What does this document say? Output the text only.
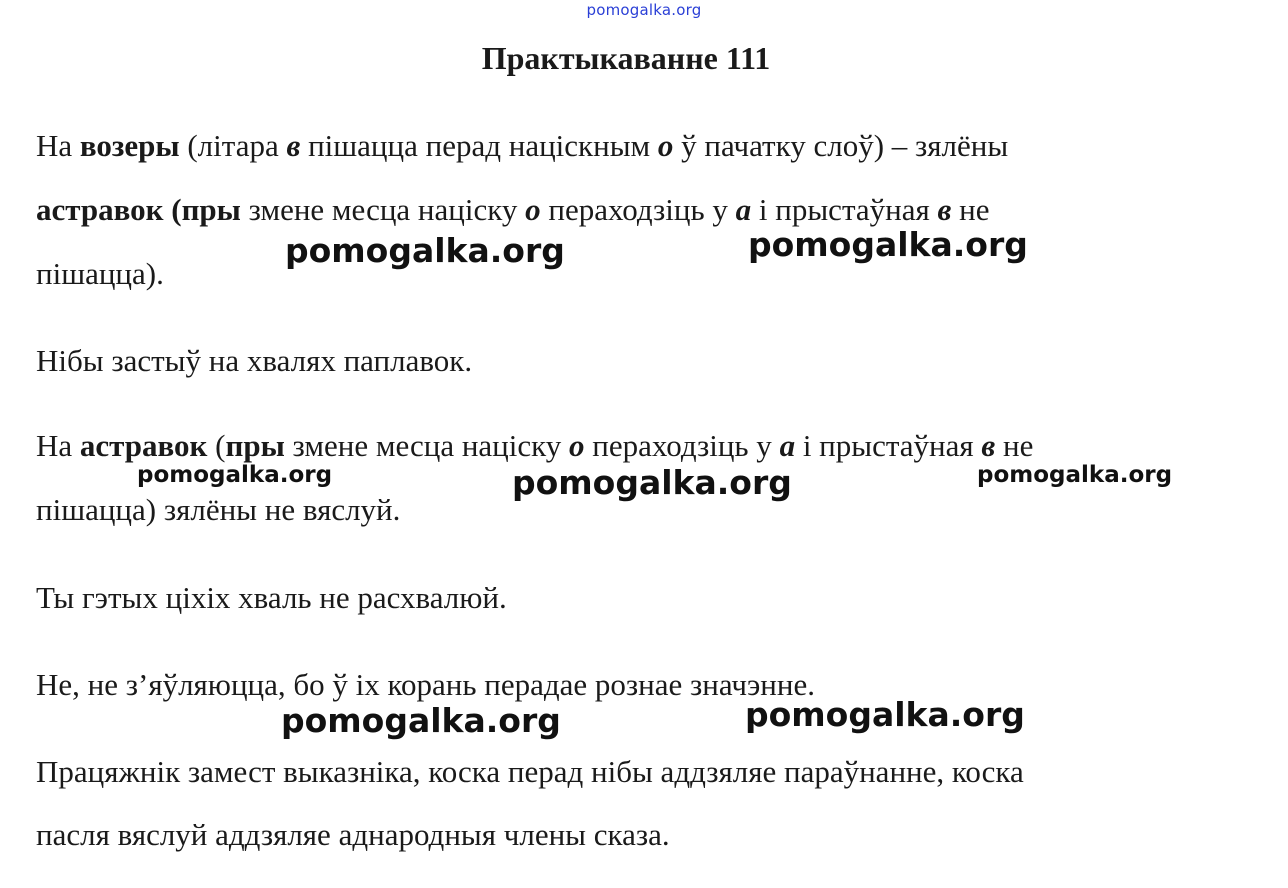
pomogalka.org
Практыкаванне 111
На возеры (літара в пішацца перад націскным о ў пачатку слоў) – зялёны
астравок (пры змене месца націску о пераходзіць у а і прыстаўная в не
пішацца).
Нібы застыў на хвалях паплавок.
На астравок (пры змене месца націску о пераходзіць у а і прыстаўная в не
пішацца) зялёны не вяслуй.
Ты гэтых ціхіх хваль не расхвалюй.
Не, не з’яўляюцца, бо ў іх корань перадае рознае значэнне.
Працяжнік замест выказніка, коска перад нібы аддзяляе параўнанне, коска
пасля вяслуй аддзяляе аднародныя члены сказа.
pomogalka.org	pomogalka.org
pomogalka.org	pomogalka.org	pomogalka.org
pomogalka.org	pomogalka.org
